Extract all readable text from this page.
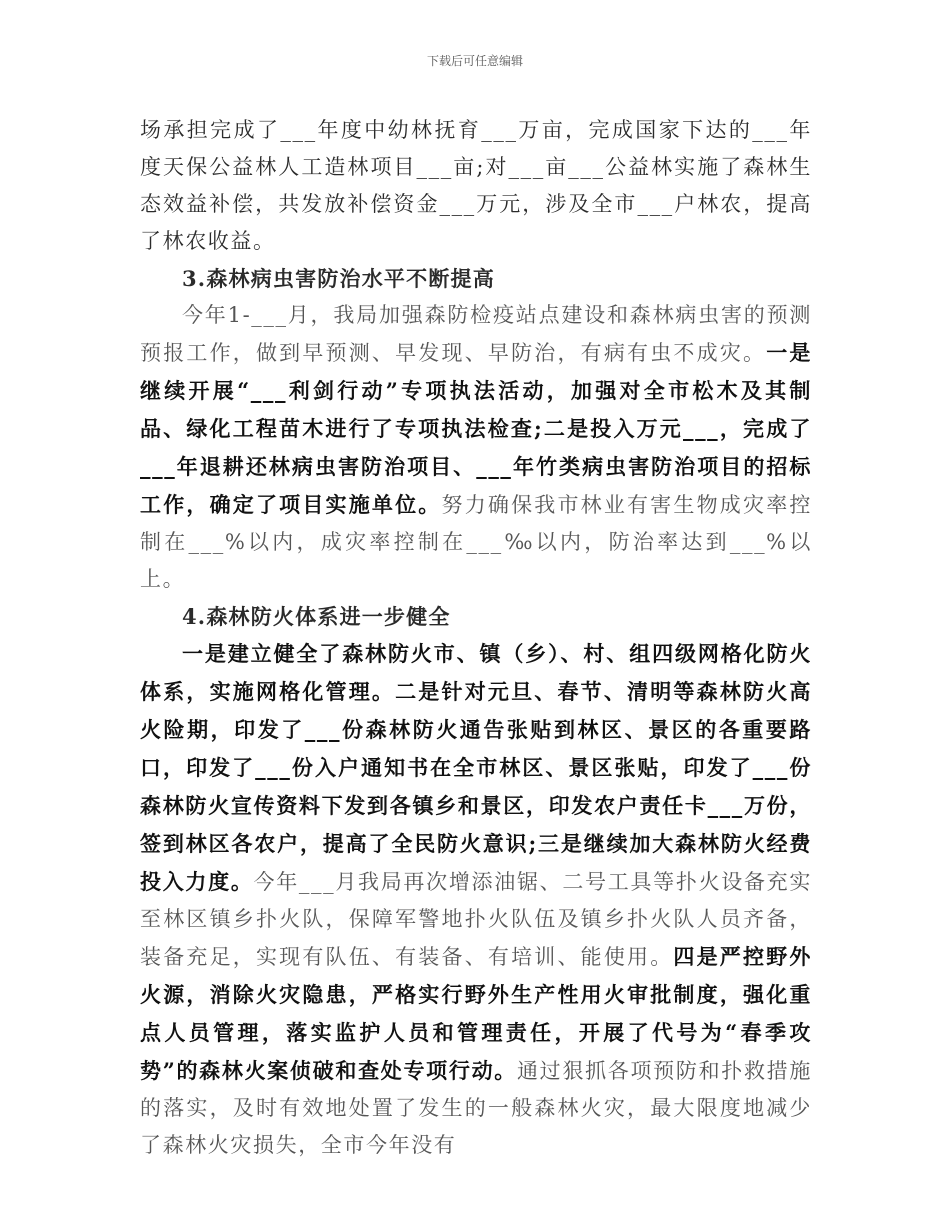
下载后可任意编辑

场承担完成了___年度中幼林抚育___万亩，完成国家下达的___年度天保公益林人工造林项目___亩;对___亩___公益林实施了森林生态效益补偿，共发放补偿资金___万元，涉及全市___户林农，提高了林农收益。

3.森林病虫害防治水平不断提高

今年1-___月，我局加强森防检疫站点建设和森林病虫害的预测预报工作，做到早预测、早发现、早防治，有病有虫不成灾。一是继续开展“___利剑行动”专项执法活动，加强对全市松木及其制品、绿化工程苗木进行了专项执法检查;二是投入万元___，完成了___年退耕还林病虫害防治项目、___年竹类病虫害防治项目的招标工作，确定了项目实施单位。努力确保我市林业有害生物成灾率控制在___%以内，成灾率控制在___‰以内，防治率达到___%以上。

4.森林防火体系进一步健全

一是建立健全了森林防火市、镇（乡）、村、组四级网格化防火体系，实施网格化管理。二是针对元旦、春节、清明等森林防火高火险期，印发了___份森林防火通告张贴到林区、景区的各重要路口，印发了___份入户通知书在全市林区、景区张贴，印发了___份森林防火宣传资料下发到各镇乡和景区，印发农户责任卡___万份，签到林区各农户，提高了全民防火意识;三是继续加大森林防火经费投入力度。今年___月我局再次增添油锯、二号工具等扑火设备充实至林区镇乡扑火队，保障军警地扑火队伍及镇乡扑火队人员齐备，装备充足，实现有队伍、有装备、有培训、能使用。四是严控野外火源，消除火灾隐患，严格实行野外生产性用火审批制度，强化重点人员管理，落实监护人员和管理责任，开展了代号为“春季攻势”的森林火案侦破和查处专项行动。通过狠抓各项预防和扑救措施的落实，及时有效地处置了发生的一般森林火灾，最大限度地减少了森林火灾损失，全市今年没有
